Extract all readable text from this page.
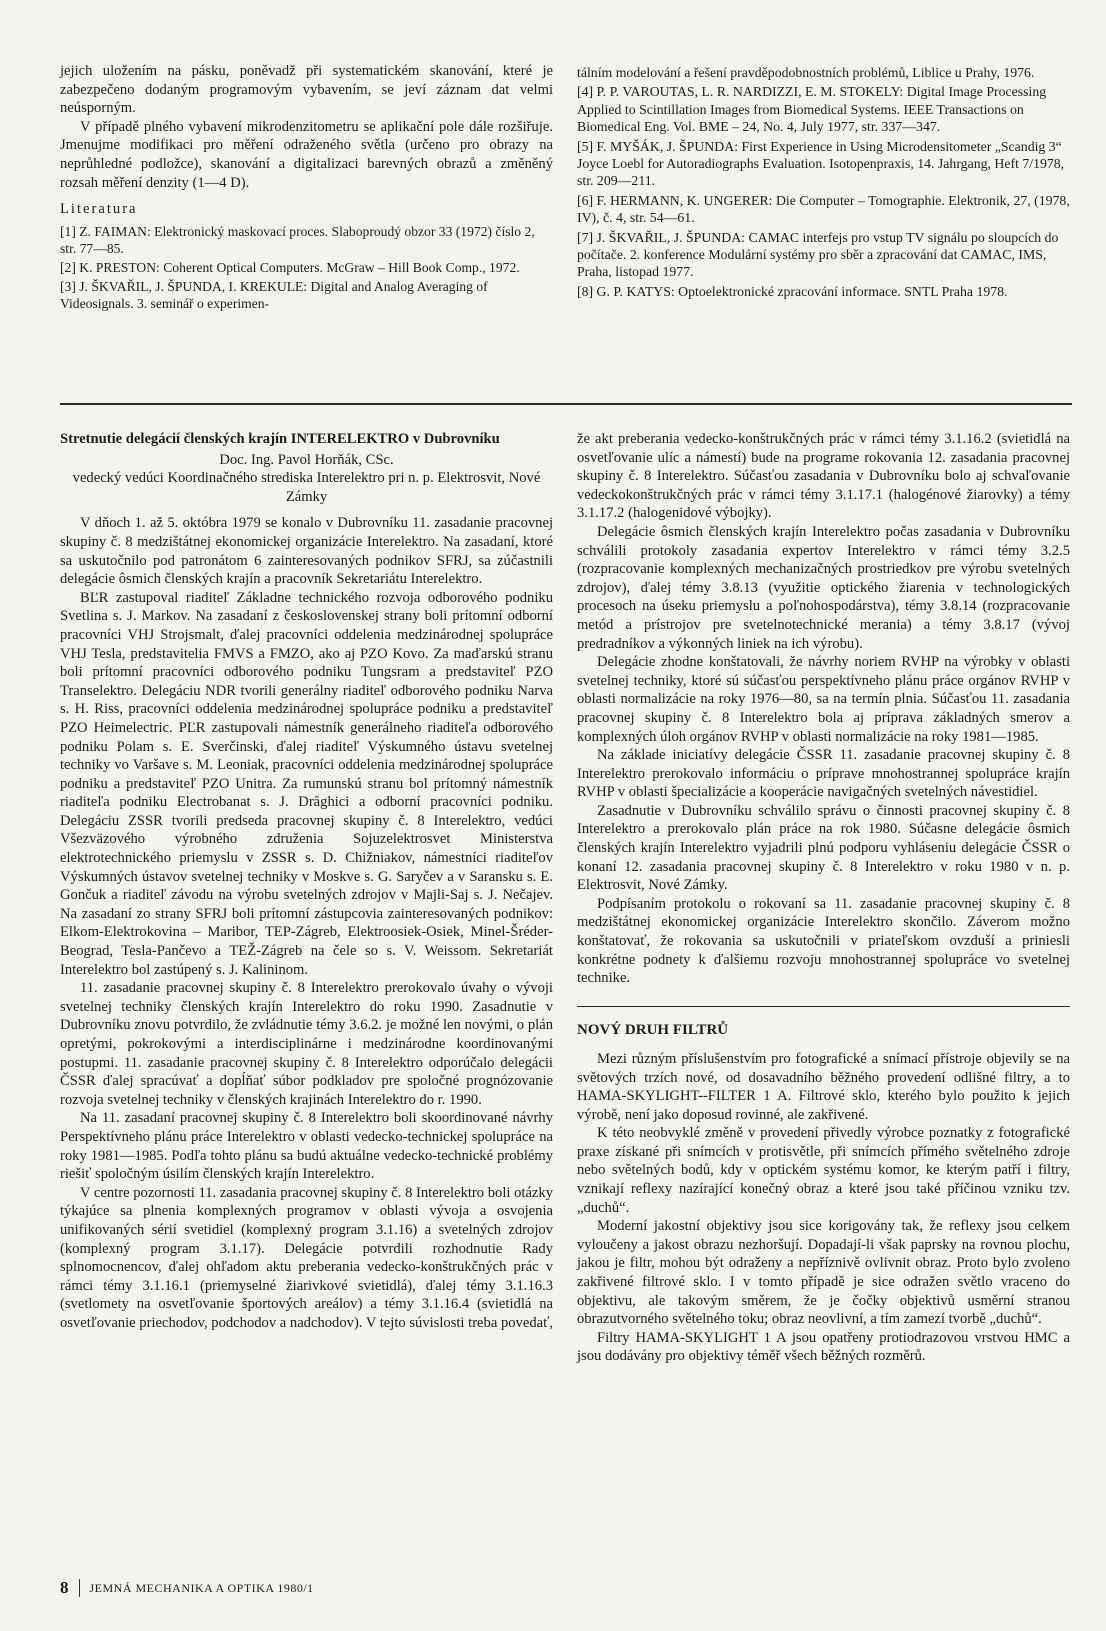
jejich uložením na pásku, poněvadž při systematickém skanování, které je zabezpečeno dodaným programovým vybavením, se jeví záznam dat velmi neúsporným.

V případě plného vybavení mikrodenzitometru se aplikační pole dále rozšiřuje. Jmenujme modifikaci pro měření odraženého světla (určeno pro obrazy na neprůhledné podložce), skanování a digitalizaci barevných obrazů a změněný rozsah měření denzity (1—4 D).

Literatura

[1] Z. FAIMAN: Elektronický maskovací proces. Slaboproudý obzor 33 (1972) číslo 2, str. 77—85.

[2] K. PRESTON: Coherent Optical Computers. McGraw – Hill Book Comp., 1972.

[3] J. ŠKVAŘIL, J. ŠPUNDA, I. KREKULE: Digital and Analog Averaging of Videosignals. 3. seminář o experimen-

tálním modelování a řešení pravděpodobnostních problémů, Liblice u Prahy, 1976.

[4] P. P. VAROUTAS, L. R. NARDIZZI, E. M. STOKELY: Digital Image Processing Applied to Scintillation Images from Biomedical Systems. IEEE Transactions on Biomedical Eng. Vol. BME – 24, No. 4, July 1977, str. 337—347.

[5] F. MYŠÁK, J. ŠPUNDA: First Experience in Using Microdensitometer „Scandig 3“ Joyce Loebl for Autoradiographs Evaluation. Isotopenpraxis, 14. Jahrgang, Heft 7/1978, str. 209—211.

[6] F. HERMANN, K. UNGERER: Die Computer – Tomographie. Elektronik, 27, (1978, IV), č. 4, str. 54—61.

[7] J. ŠKVAŘIL, J. ŠPUNDA: CAMAC interfejs pro vstup TV signálu po sloupcích do počítače. 2. konference Modulární systémy pro sběr a zpracování dat CAMAC, IMS, Praha, listopad 1977.

[8] G. P. KATYS: Optoelektronické zpracování informace. SNTL Praha 1978.

Stretnutie delegácií členských krajín INTERELEKTRO v Dubrovníku

Doc. Ing. Pavol Horňák, CSc.

vedecký vedúci Koordinačného strediska Interelektro pri n. p. Elektrosvit, Nové Zámky

V dňoch 1. až 5. októbra 1979 se konalo v Dubrovníku 11. zasadanie pracovnej skupiny č. 8 medzištátnej ekonomickej organizácie Interelektro. Na zasadaní, ktoré sa uskutočnilo pod patronátom 6 zainteresovaných podnikov SFRJ, sa zúčastnili delegácie ôsmich členských krajín a pracovník Sekretariátu Interelektro.

BĽR zastupoval riaditeľ Základne technického rozvoja odborového podniku Svetlina s. J. Markov. Na zasadaní z československej strany boli prítomní odborní pracovníci VHJ Strojsmalt, ďalej pracovníci oddelenia medzinárodnej spolupráce VHJ Tesla, predstavitelia FMVS a FMZO, ako aj PZO Kovo. Za maďarskú stranu boli prítomní pracovníci odborového podniku Tungsram a predstaviteľ PZO Transelektro. Delegáciu NDR tvorili generálny riaditeľ odborového podniku Narva s. H. Riss, pracovníci oddelenia medzinárodnej spolupráce podniku a predstaviteľ PZO Heimelectric. PĽR zastupovali námestník generálneho riaditeľa odborového podniku Polam s. E. Sverčinski, ďalej riaditeľ Výskumného ústavu svetelnej techniky vo Varšave s. M. Leoniak, pracovníci oddelenia medzinárodnej spolupráce podniku a predstaviteľ PZO Unitra. Za rumunskú stranu bol prítomný námestník riaditeľa podniku Electrobanat s. J. Drăghici a odborní pracovníci podniku. Delegáciu ZSSR tvorili predseda pracovnej skupiny č. 8 Interelektro, vedúci Všezväzového výrobného združenia Sojuzelektrosvet Ministerstva elektrotechnického priemyslu v ZSSR s. D. Chižniakov, námestníci riaditeľov Výskumných ústavov svetelnej techniky v Moskve s. G. Saryčev a v Saransku s. E. Gončuk a riaditeľ závodu na výrobu svetelných zdrojov v Majli-Saj s. J. Nečajev. Na zasadaní zo strany SFRJ boli prítomní zástupcovia zainteresovaných podnikov: Elkom-Elektrokovina – Maribor, TEP-Zágreb, Elektroosiek-Osiek, Minel-Šréder-Beograd, Tesla-Pančevo a TEŽ-Zágreb na čele so s. V. Weissom. Sekretariát Interelektro bol zastúpený s. J. Kalininom.

11. zasadanie pracovnej skupiny č. 8 Interelektro prerokovalo úvahy o vývoji svetelnej techniky členských krajín Interelektro do roku 1990. Zasadnutie v Dubrovníku znovu potvrdilo, že zvládnutie témy 3.6.2. je možné len novými, o plán opretými, pokrokovými a interdisciplinárne i medzinárodne koordinovanými postupmi. 11. zasadanie pracovnej skupiny č. 8 Interelektro odporúčalo delegácii ČSSR ďalej spracúvať a dopĺňať súbor podkladov pre spoločné prognózovanie rozvoja svetelnej techniky v členských krajinách Interelektro do r. 1990.

Na 11. zasadaní pracovnej skupiny č. 8 Interelektro boli skoordinované návrhy Perspektívneho plánu práce Interelektro v oblasti vedecko-technickej spolupráce na roky 1981—1985. Podľa tohto plánu sa budú aktuálne vedecko-technické problémy riešiť spoločným úsilím členských krajín Interelektro.

V centre pozornosti 11. zasadania pracovnej skupiny č. 8 Interelektro boli otázky týkajúce sa plnenia komplexných programov v oblasti vývoja a osvojenia unifikovaných sérií svetidiel (komplexný program 3.1.16) a svetelných zdrojov (komplexný program 3.1.17). Delegácie potvrdili rozhodnutie Rady splnomocnencov, ďalej ohľadom aktu preberania vedecko-konštrukčných prác v rámci témy 3.1.16.1 (priemyselné žiarivkové svietidlá), ďalej témy 3.1.16.3 (svetlomety na osvetľovanie športových areálov) a témy 3.1.16.4 (svietidlá na osvetľovanie priechodov, podchodov a nadchodov). V tejto súvislosti treba povedať,

že akt preberania vedecko-konštrukčných prác v rámci témy 3.1.16.2 (svietidlá na osvetľovanie ulíc a námestí) bude na programe rokovania 12. zasadania pracovnej skupiny č. 8 Interelektro. Súčasťou zasadania v Dubrovníku bolo aj schvaľovanie vedeckokonštrukčných prác v rámci témy 3.1.17.1 (halogénové žiarovky) a témy 3.1.17.2 (halogenidové výbojky).

Delegácie ôsmich členských krajín Interelektro počas zasadania v Dubrovníku schválili protokoly zasadania expertov Interelektro v rámci témy 3.2.5 (rozpracovanie komplexných mechanizačných prostriedkov pre výrobu svetelných zdrojov), ďalej témy 3.8.13 (využitie optického žiarenia v technologických procesoch na úseku priemyslu a poľnohospodárstva), témy 3.8.14 (rozpracovanie metód a prístrojov pre svetelnotechnické merania) a témy 3.8.17 (vývoj predradníkov a výkonných liniek na ich výrobu).

Delegácie zhodne konštatovali, že návrhy noriem RVHP na výrobky v oblasti svetelnej techniky, ktoré sú súčasťou perspektívneho plánu práce orgánov RVHP v oblasti normalizácie na roky 1976—80, sa na termín plnia. Súčasťou 11. zasadania pracovnej skupiny č. 8 Interelektro bola aj príprava základných smerov a komplexných úloh orgánov RVHP v oblasti normalizácie na roky 1981—1985.

Na základe iniciatívy delegácie ČSSR 11. zasadanie pracovnej skupiny č. 8 Interelektro prerokovalo informáciu o príprave mnohostrannej spolupráce krajín RVHP v oblasti špecializácie a kooperácie navigačných svetelných návestidiel.

Zasadnutie v Dubrovníku schválilo správu o činnosti pracovnej skupiny č. 8 Interelektro a prerokovalo plán práce na rok 1980. Súčasne delegácie ôsmich členských krajín Interelektro vyjadrili plnú podporu vyhláseniu delegácie ČSSR o konaní 12. zasadania pracovnej skupiny č. 8 Interelektro v roku 1980 v n. p. Elektrosvit, Nové Zámky.

Podpísaním protokolu o rokovaní sa 11. zasadanie pracovnej skupiny č. 8 medzištátnej ekonomickej organizácie Interelektro skončilo. Záverom možno konštatovať, že rokovania sa uskutočnili v priateľskom ovzduší a priniesli konkrétne podnety k ďalšiemu rozvoju mnohostrannej spolupráce vo svetelnej technike.

NOVÝ DRUH FILTRŮ

Mezi různým příslušenstvím pro fotografické a snímací přístroje objevily se na světových trzích nové, od dosavadního běžného provedení odlišné filtry, a to HAMA-SKYLIGHT--FILTER 1 A. Filtrové sklo, kterého bylo použito k jejich výrobě, není jako doposud rovinné, ale zakřivené.

K této neobvyklé změně v provedení přivedly výrobce poznatky z fotografické praxe získané při snímcích v protisvětle, při snímcích přímého světelného zdroje nebo světelných bodů, kdy v optickém systému komor, ke kterým patří i filtry, vznikají reflexy nazírající konečný obraz a které jsou také příčinou vzniku tzv. „duchů“.

Moderní jakostní objektivy jsou sice korigovány tak, že reflexy jsou celkem vyloučeny a jakost obrazu nezhoršují. Dopadají-li však paprsky na rovnou plochu, jakou je filtr, mohou být odraženy a nepříznivě ovlivnit obraz. Proto bylo zvoleno zakřivené filtrové sklo. I v tomto případě je sice odražen světlo vraceno do objektivu, ale takovým směrem, že je čočky objektivů usměrní stranou obrazutvorného světelného toku; obraz neovlivní, a tím zamezí tvorbě „duchů“.

Filtry HAMA-SKYLIGHT 1 A jsou opatřeny protiodrazovou vrstvou HMC a jsou dodávány pro objektivy téměř všech běžných rozměrů.

8 JEMNÁ MECHANIKA A OPTIKA 1980/1
